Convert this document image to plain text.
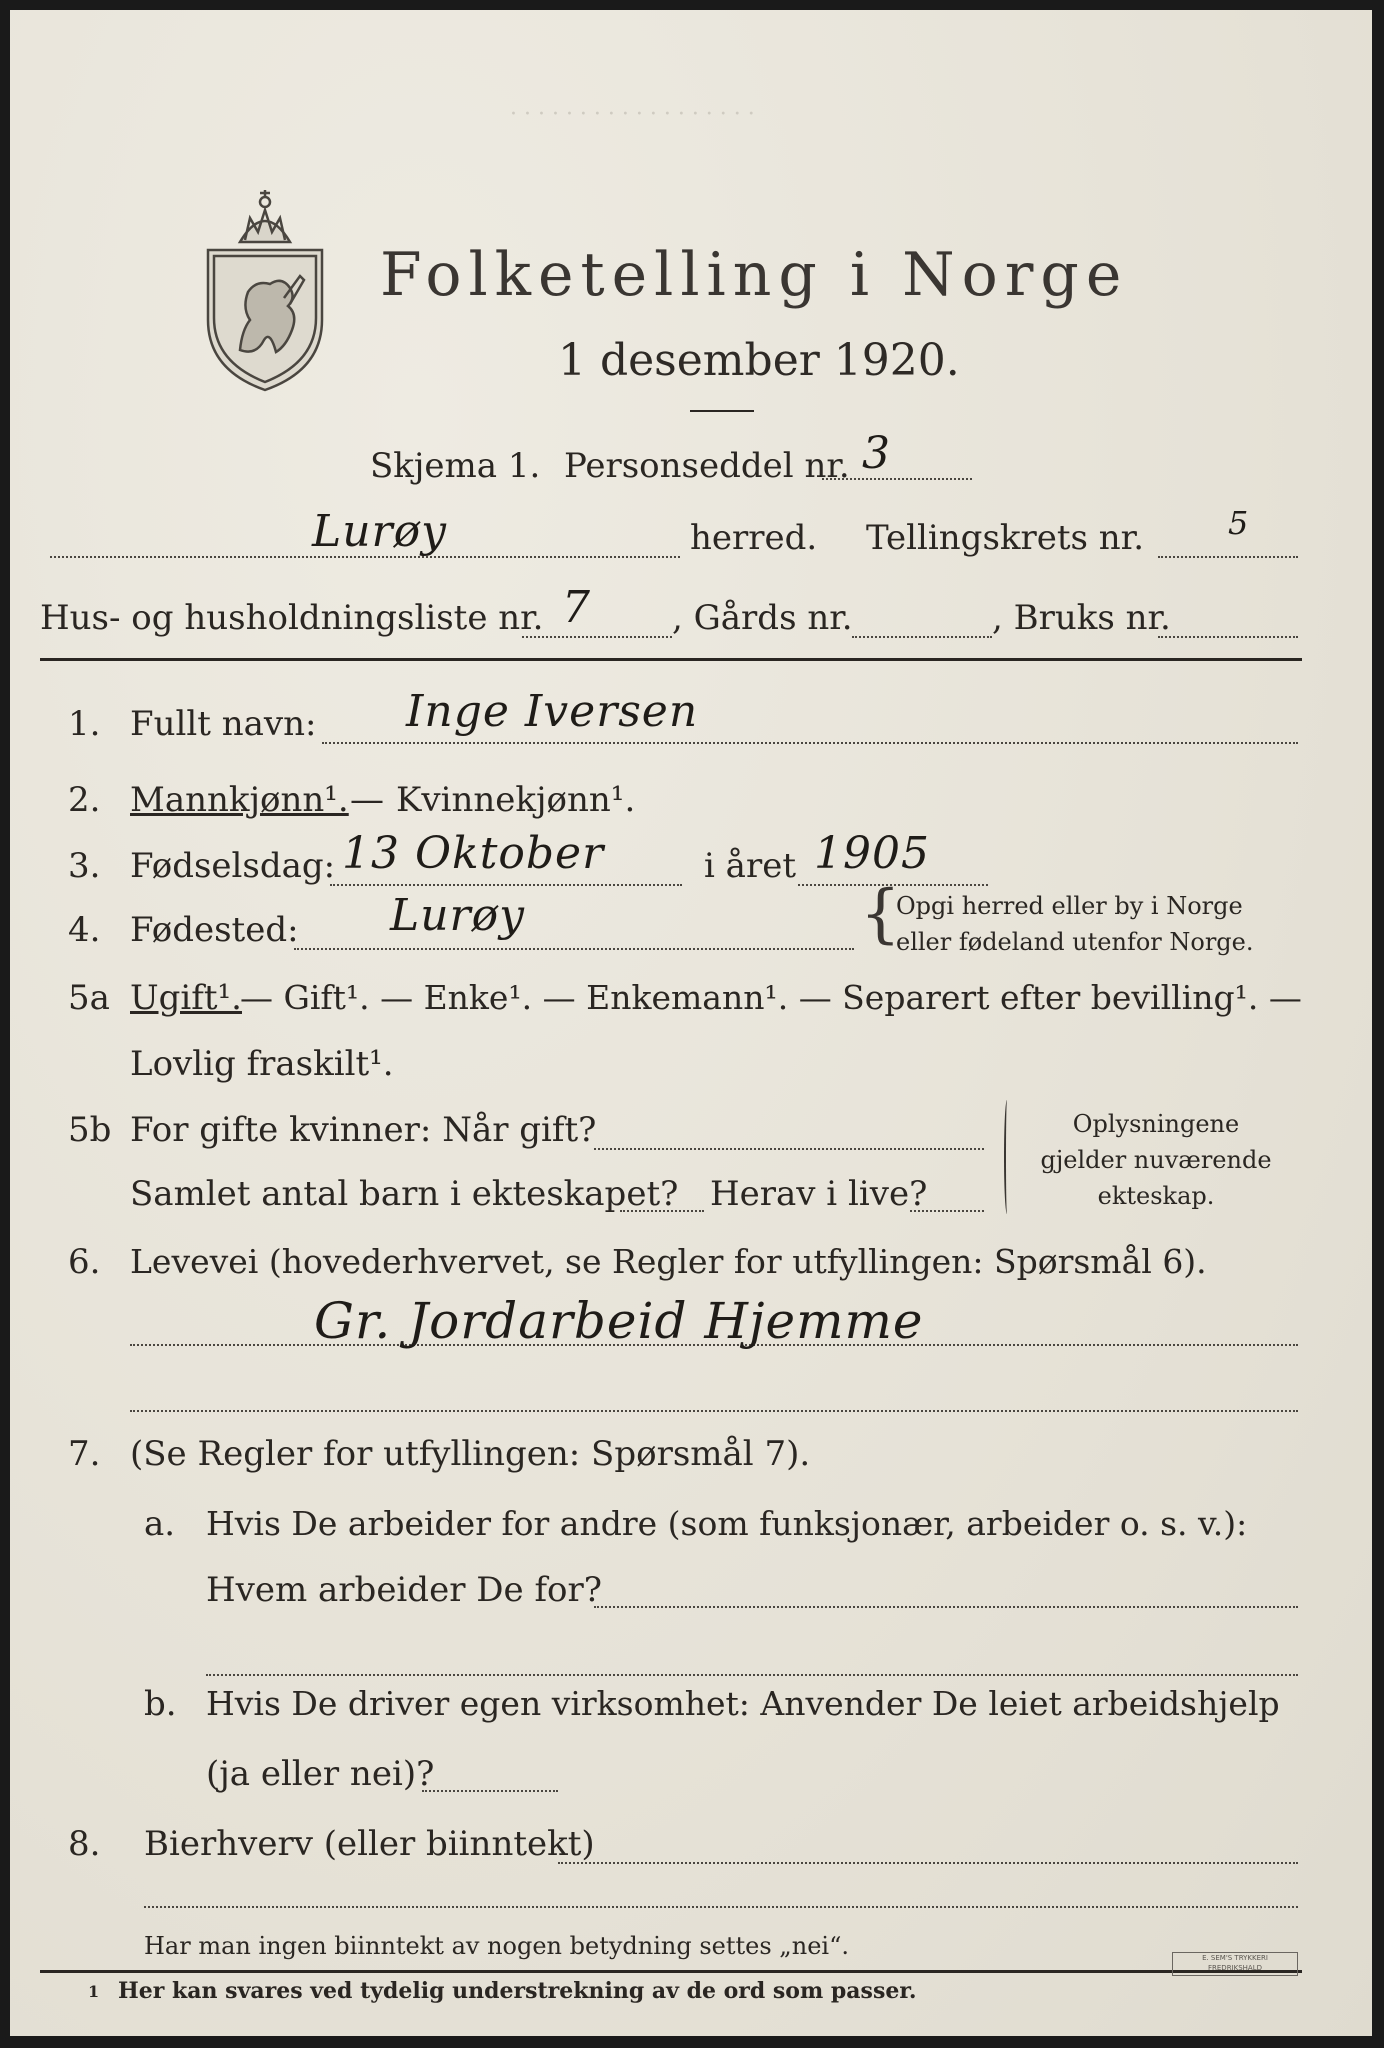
· · · · · · · · · · · · · · · · · ·
Folketelling i Norge
1 desember 1920.
Skjema 1. Personseddel nr. 3
Lurøy	herred. Tellingskrets nr.	5
Hus- og husholdningsliste nr. 7 , Gårds nr.	, Bruks nr.
1. Fullt navn: Inge Iversen
2. Mannkjønn¹. — Kvinnekjønn¹.
3. Fødselsdag: 13 Oktober	i året 1905
4. Fødested: Lurøy	{
Opgi herred eller by i Norge
eller fødeland utenfor Norge.
5a Ugift¹.
— Gift¹. — Enke¹. — Enkemann¹. — Separert efter bevilling¹. —
Lovlig fraskilt¹.
5b For gifte kvinner: Når gift?
Samlet antal barn i ekteskapet? Herav i live?
Oplysningene
gjelder nuværende
ekteskap.
6. Levevei (hovederhvervet, se Regler for utfyllingen: Spørsmål 6).
Gr. Jordarbeid Hjemme
7. (Se Regler for utfyllingen: Spørsmål 7).
a. Hvis De arbeider for andre (som funksjonær, arbeider o. s. v.):
Hvem arbeider De for?
b. Hvis De driver egen virksomhet: Anvender De leiet arbeidshjelp
(ja eller nei)?
8. Bierhverv (eller biinntekt)
Har man ingen biinntekt av nogen betydning settes „nei“.
1 Her kan svares ved tydelig understrekning av de ord som passer.
E. SEM'S TRYKKERI
FREDRIKSHALD
